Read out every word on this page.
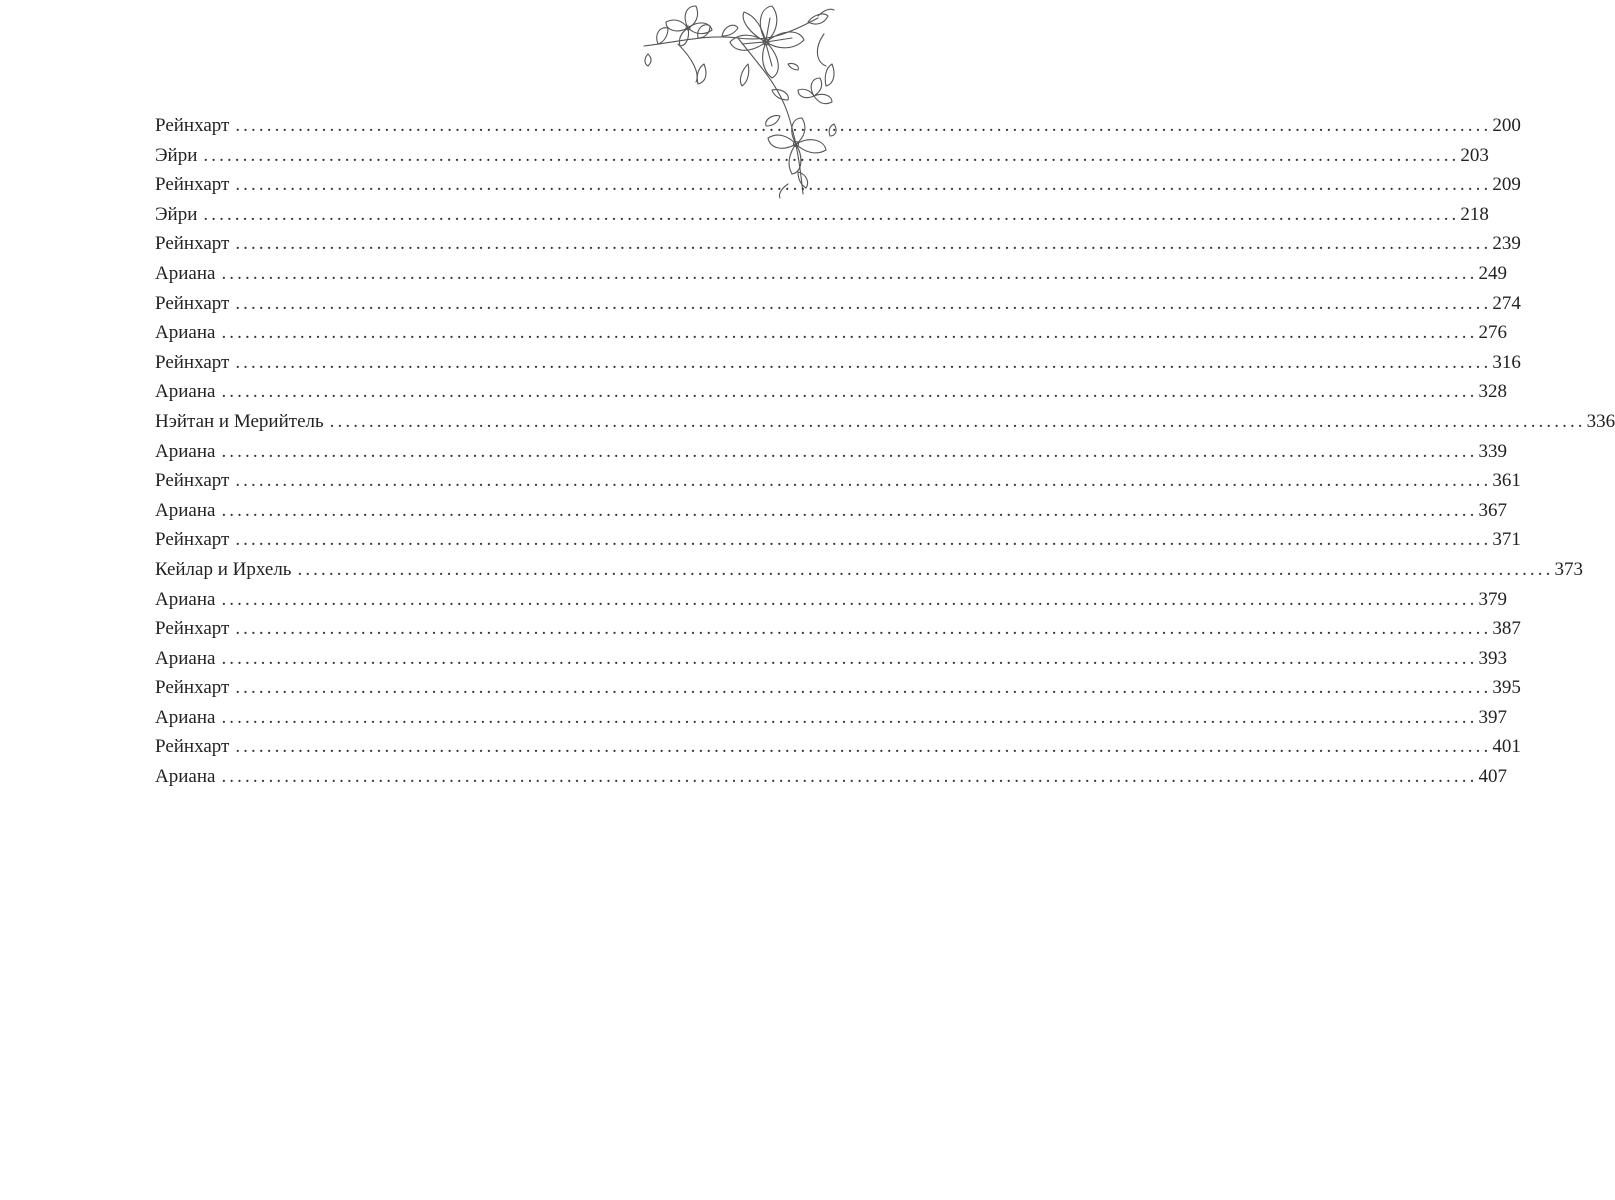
Рейнхарт ................................................................................................................................................................ 200
Эйри ................................................................................................................................................................ 203
Рейнхарт ................................................................................................................................................................ 209
Эйри ................................................................................................................................................................ 218
Рейнхарт ................................................................................................................................................................ 239
Ариана ................................................................................................................................................................ 249
Рейнхарт ................................................................................................................................................................ 274
Ариана ................................................................................................................................................................ 276
Рейнхарт ................................................................................................................................................................ 316
Ариана ................................................................................................................................................................ 328
Нэйтан и Мерийтель ................................................................................................................................................................ 336
Ариана ................................................................................................................................................................ 339
Рейнхарт ................................................................................................................................................................ 361
Ариана ................................................................................................................................................................ 367
Рейнхарт ................................................................................................................................................................ 371
Кейлар и Ирхель ................................................................................................................................................................ 373
Ариана ................................................................................................................................................................ 379
Рейнхарт ................................................................................................................................................................ 387
Ариана ................................................................................................................................................................ 393
Рейнхарт ................................................................................................................................................................ 395
Ариана ................................................................................................................................................................ 397
Рейнхарт ................................................................................................................................................................ 401
Ариана ................................................................................................................................................................ 407
